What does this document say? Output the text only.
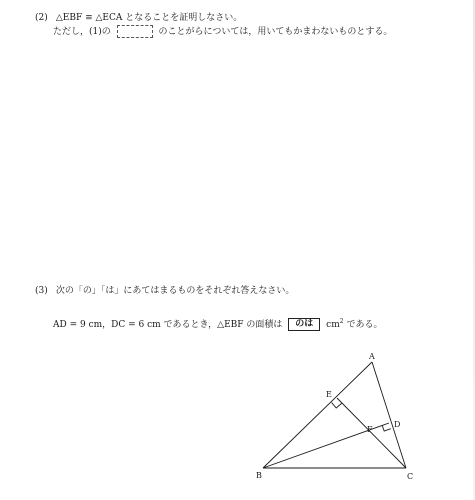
(2) △EBF ≡ △ECA となることを証明しなさい。
ただし，(1)の	のことがらについては，用いてもかまわないものとする。
(3) 次の「の」「は」にあてはまるものをそれぞれ答えなさい。
AD = 9 cm，DC = 6 cm であるとき，△EBF の面積は のは $cm^2$ である。
A
E
F
D
B	C
